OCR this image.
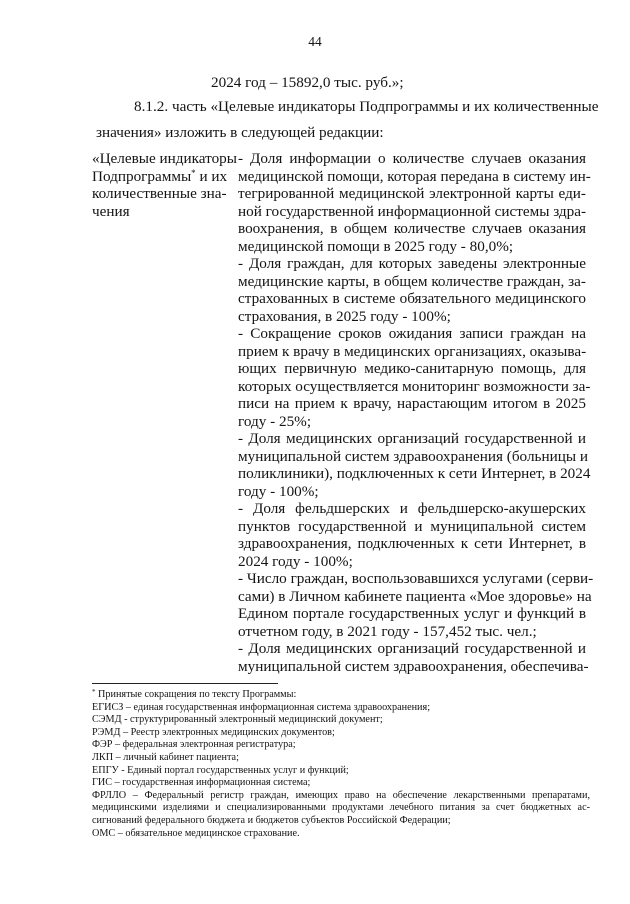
44
2024 год – 15892,0 тыс. руб.»;
8.1.2. часть «Целевые индикаторы Подпрограммы и их количественные
значения» изложить в следующей редакции:
«Целевые индикаторы
Подпрограммы* и их
количественные зна-
чения
- Доля информации о количестве случаев оказания
медицинской помощи, которая передана в систему ин-
тегрированной медицинской электронной карты еди-
ной государственной информационной системы здра-
воохранения, в общем количестве случаев оказания
медицинской помощи в 2025 году - 80,0%;
- Доля граждан, для которых заведены электронные
медицинские карты, в общем количестве граждан, за-
страхованных в системе обязательного медицинского
страхования, в 2025 году - 100%;
- Сокращение сроков ожидания записи граждан на
прием к врачу в медицинских организациях, оказыва-
ющих первичную медико-санитарную помощь, для
которых осуществляется мониторинг возможности за-
писи на прием к врачу, нарастающим итогом в 2025
году - 25%;
- Доля медицинских организаций государственной и
муниципальной систем здравоохранения (больницы и
поликлиники), подключенных к сети Интернет, в 2024
году - 100%;
- Доля фельдшерских и фельдшерско-акушерских
пунктов государственной и муниципальной систем
здравоохранения, подключенных к сети Интернет, в
2024 году - 100%;
- Число граждан, воспользовавшихся услугами (серви-
сами) в Личном кабинете пациента «Мое здоровье» на
Едином портале государственных услуг и функций в
отчетном году, в 2021 году - 157,452 тыс. чел.;
- Доля медицинских организаций государственной и
муниципальной систем здравоохранения, обеспечива-
* Принятые сокращения по тексту Программы:
ЕГИСЗ – единая государственная информационная система здравоохранения;
СЭМД - структурированный электронный медицинский документ;
РЭМД – Реестр электронных медицинских документов;
ФЭР – федеральная электронная регистратура;
ЛКП – личный кабинет пациента;
ЕПГУ - Единый портал государственных услуг и функций;
ГИС – государственная информационная система;
ФРЛЛО – Федеральный регистр граждан, имеющих право на обеспечение лекарственными препаратами,
медицинскими изделиями и специализированными продуктами лечебного питания за счет бюджетных ас-
сигнований федерального бюджета и бюджетов субъектов Российской Федерации;
ОМС – обязательное медицинское страхование.
